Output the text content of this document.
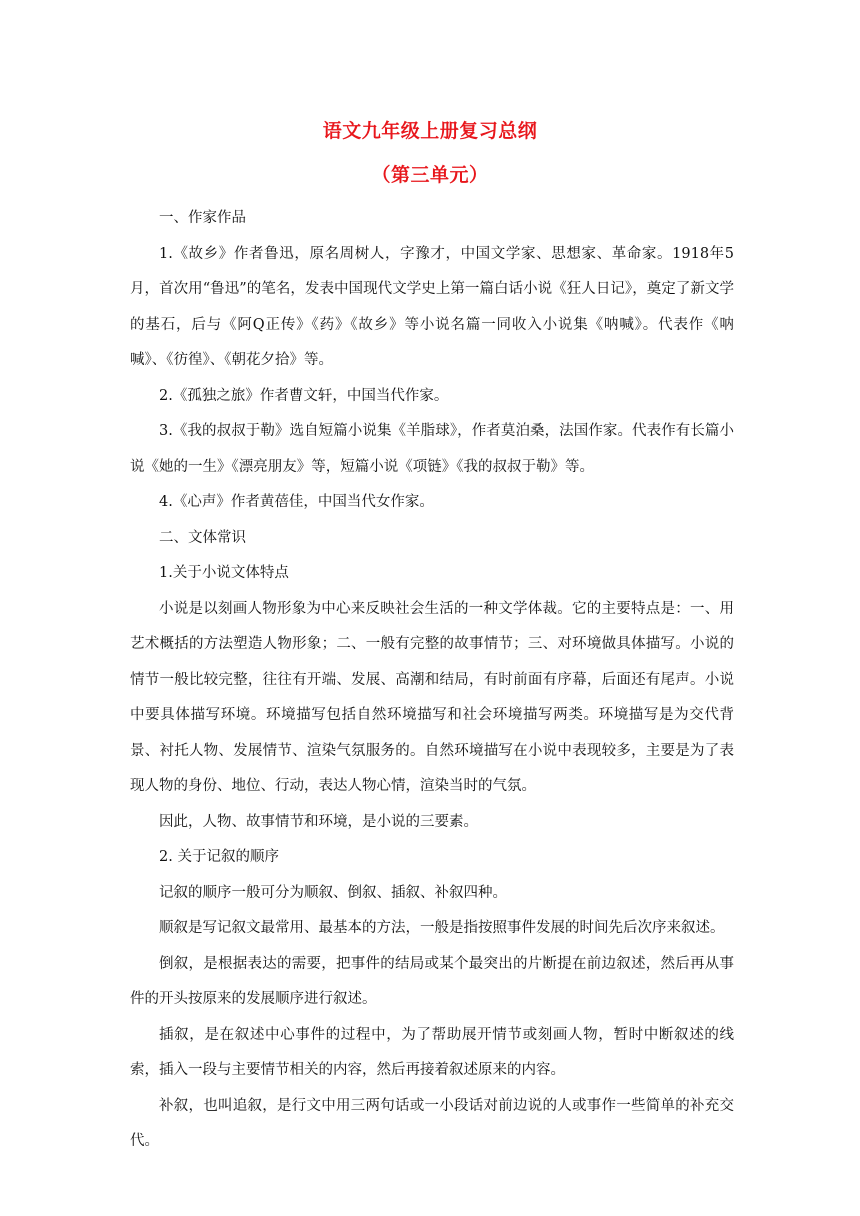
语文九年级上册复习总纲
（第三单元）

一、作家作品

1.《故乡》作者鲁迅，原名周树人，字豫才，中国文学家、思想家、革命家。1918年5月，首次用“鲁迅”的笔名，发表中国现代文学史上第一篇白话小说《狂人日记》，奠定了新文学的基石，后与《阿Q正传》《药》《故乡》等小说名篇一同收入小说集《呐喊》。代表作《呐喊》、《彷徨》、《朝花夕拾》等。

2.《孤独之旅》作者曹文轩，中国当代作家。

3.《我的叔叔于勒》选自短篇小说集《羊脂球》，作者莫泊桑，法国作家。代表作有长篇小说《她的一生》《漂亮朋友》等，短篇小说《项链》《我的叔叔于勒》等。

4.《心声》作者黄蓓佳，中国当代女作家。

二、文体常识

1.关于小说文体特点

小说是以刻画人物形象为中心来反映社会生活的一种文学体裁。它的主要特点是：一、用艺术概括的方法塑造人物形象；二、一般有完整的故事情节；三、对环境做具体描写。小说的情节一般比较完整，往往有开端、发展、高潮和结局，有时前面有序幕，后面还有尾声。小说中要具体描写环境。环境描写包括自然环境描写和社会环境描写两类。环境描写是为交代背景、衬托人物、发展情节、渲染气氛服务的。自然环境描写在小说中表现较多，主要是为了表现人物的身份、地位、行动，表达人物心情，渲染当时的气氛。

因此，人物、故事情节和环境，是小说的三要素。

2. 关于记叙的顺序

记叙的顺序一般可分为顺叙、倒叙、插叙、补叙四种。

顺叙是写记叙文最常用、最基本的方法，一般是指按照事件发展的时间先后次序来叙述。

倒叙，是根据表达的需要，把事件的结局或某个最突出的片断提在前边叙述，然后再从事件的开头按原来的发展顺序进行叙述。

插叙，是在叙述中心事件的过程中，为了帮助展开情节或刻画人物，暂时中断叙述的线索，插入一段与主要情节相关的内容，然后再接着叙述原来的内容。

补叙，也叫追叙，是行文中用三两句话或一小段话对前边说的人或事作一些简单的补充交代。
